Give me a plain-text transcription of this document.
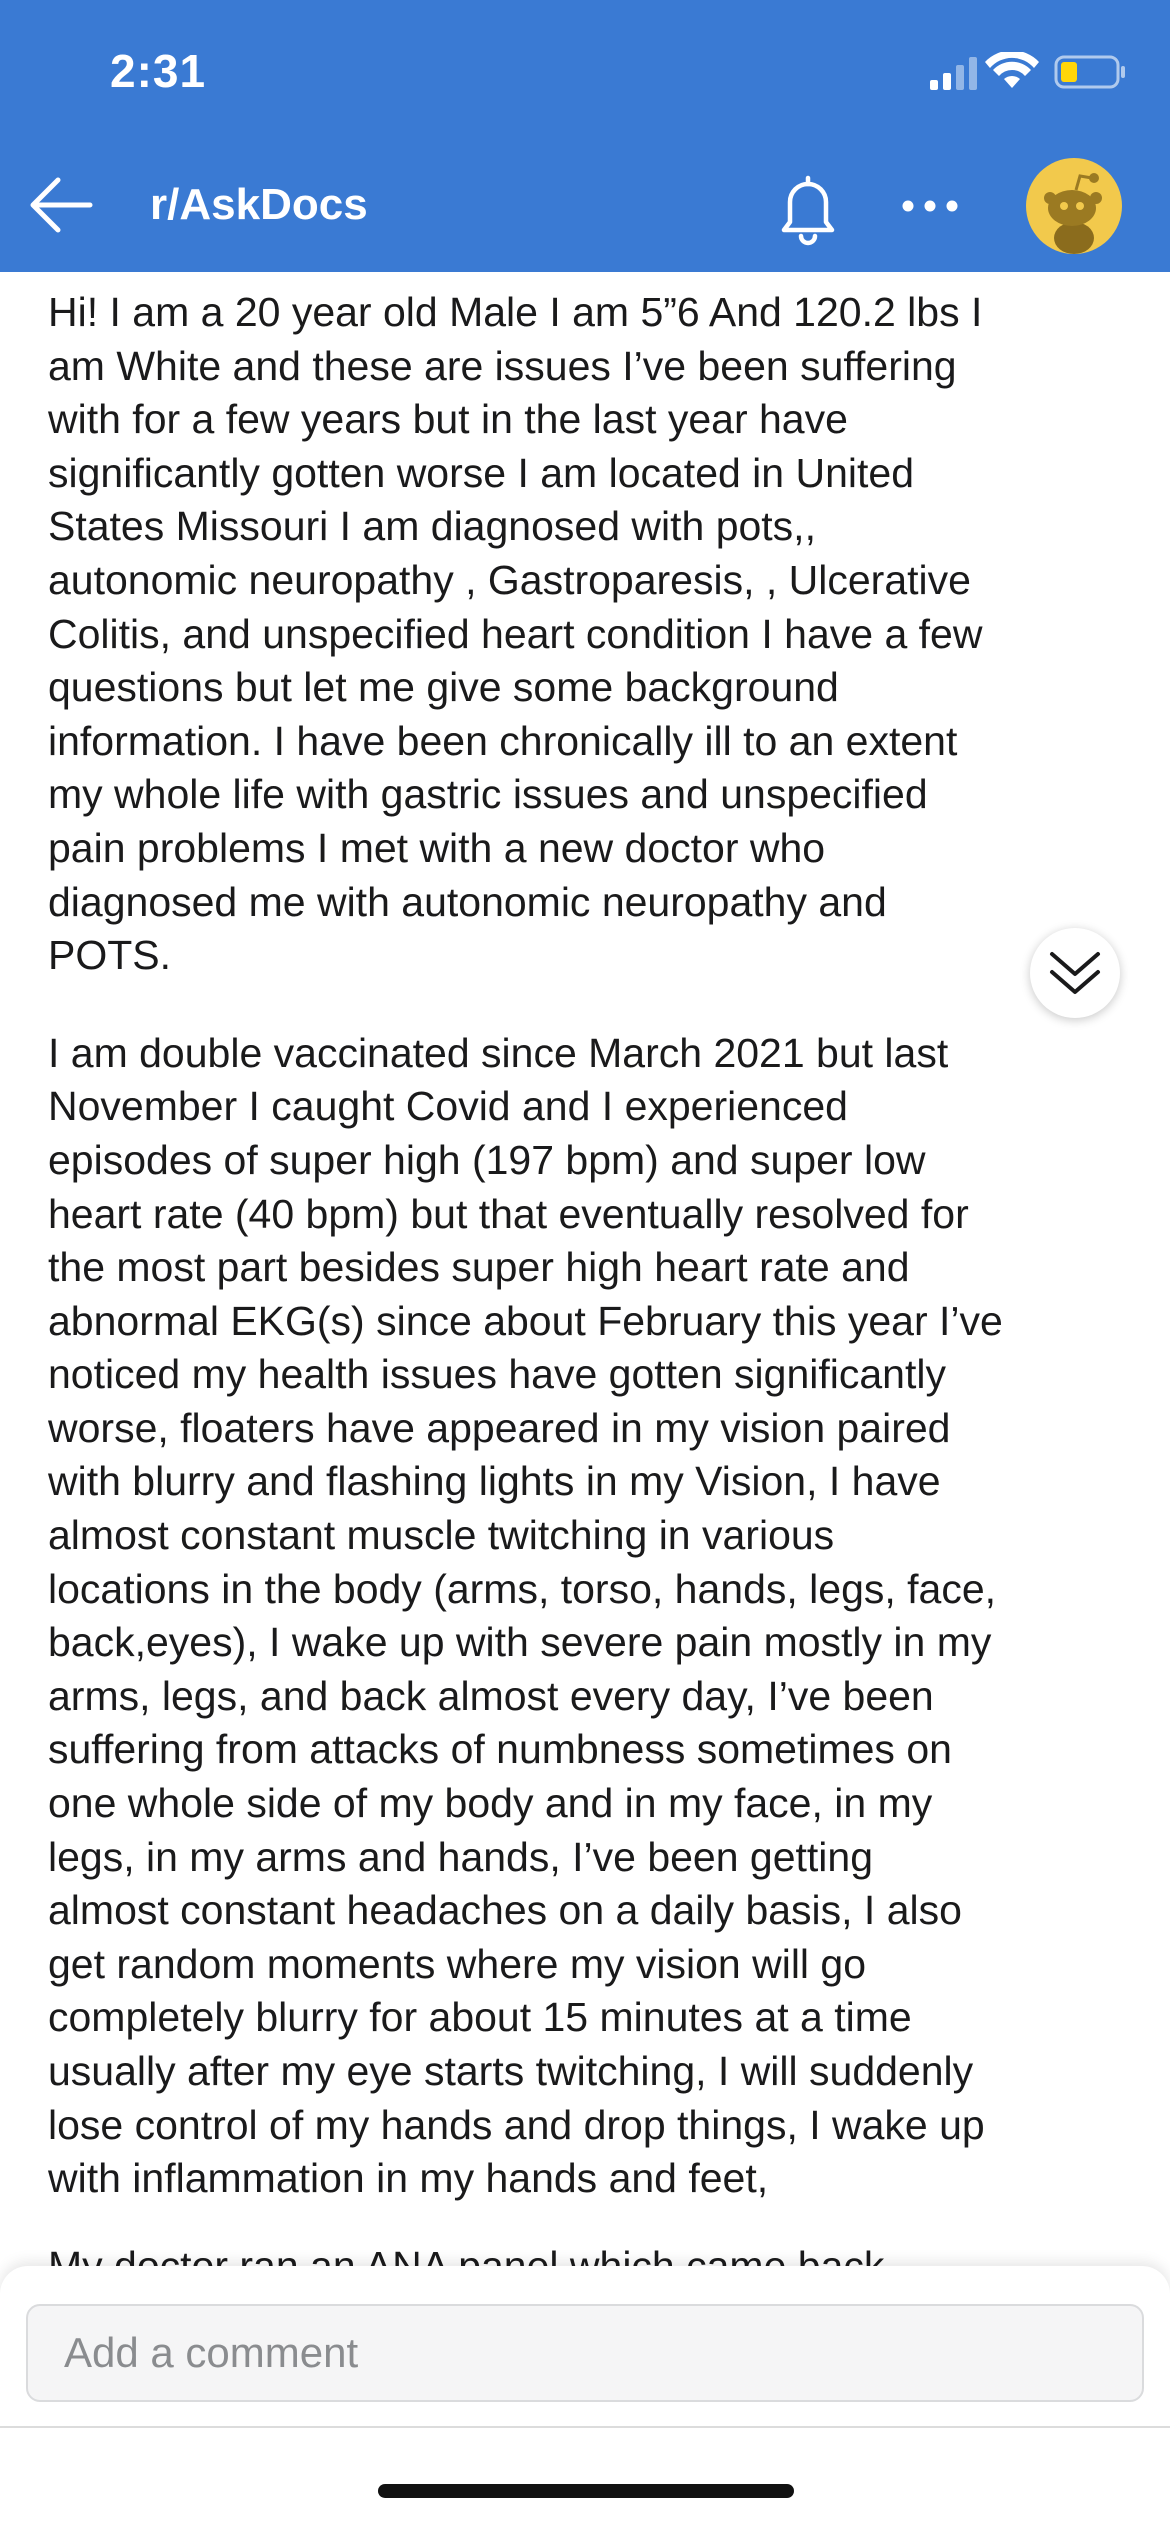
2:31
r/AskDocs

Hi! I am a 20 year old Male I am 5”6 And 120.2 lbs I
am White and these are issues I’ve been suffering
with for a few years but in the last year have
significantly gotten worse I am located in United
States Missouri I am diagnosed with pots,,
autonomic neuropathy , Gastroparesis, , Ulcerative
Colitis, and unspecified heart condition I have a few
questions but let me give some background
information. I have been chronically ill to an extent
my whole life with gastric issues and unspecified
pain problems I met with a new doctor who
diagnosed me with autonomic neuropathy and
POTS.

I am double vaccinated since March 2021 but last
November I caught Covid and I experienced
episodes of super high (197 bpm) and super low
heart rate (40 bpm) but that eventually resolved for
the most part besides super high heart rate and
abnormal EKG(s) since about February this year I’ve
noticed my health issues have gotten significantly
worse, floaters have appeared in my vision paired
with blurry and flashing lights in my Vision, I have
almost constant muscle twitching in various
locations in the body (arms, torso, hands, legs, face,
back,eyes), I wake up with severe pain mostly in my
arms, legs, and back almost every day, I’ve been
suffering from attacks of numbness sometimes on
one whole side of my body and in my face, in my
legs, in my arms and hands, I’ve been getting
almost constant headaches on a daily basis, I also
get random moments where my vision will go
completely blurry for about 15 minutes at a time
usually after my eye starts twitching, I will suddenly
lose control of my hands and drop things, I wake up
with inflammation in my hands and feet,

Add a comment
